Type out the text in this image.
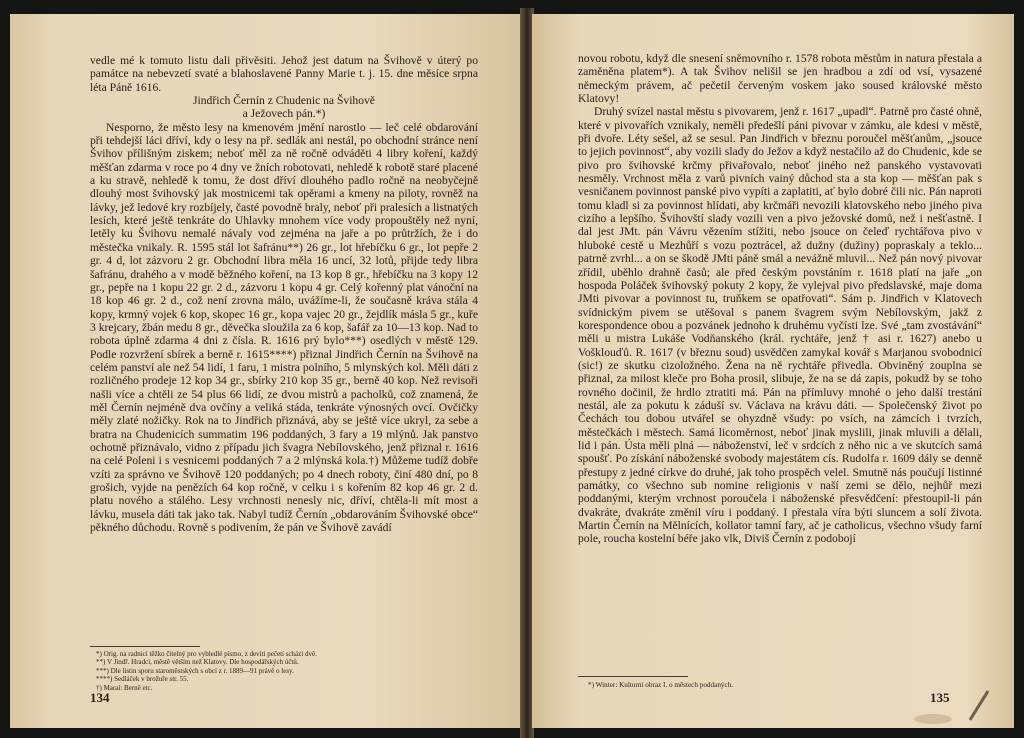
vedle mé k tomuto listu dali přivěsiti. Jehož jest datum na Švihově v úterý po památce na nebevzetí svaté a blahoslavené Panny Marie t. j. 15. dne měsíce srpna léta Páně 1616.

Jindřich Černín z Chudenic na Švihově
a Ježovech pán.*)

Nesporno, že město lesy na kmenovém jmění narostlo — leč celé obdarování při tehdejší láci dříví, kdy o lesy na př. sedlák ani nestál, po obchodní stránce není Švihov přílišným ziskem; neboť měl za ně ročně odváděti 4 libry koření, každý měšťan zdarma v roce po 4 dny ve žních robotovati, nehledě k robotě staré placené a ku stravě, nehledě k tomu, že dost dříví dlouhého padlo ročně na neobyčejně dlouhý most švihovský jak mostnicemi tak opěrami a kmeny na piloty, rovněž na lávky, jež ledové kry rozbíjely, časté povodně braly, neboť při pralesích a listnatých lesích, které ještě tenkráte do Uhlavky mnohem více vody propouštěly než nyní, letěly ku Švihovu nemalé návaly vod zejména na jaře a po průtržích, že i do městečka vnikaly. R. 1595 stál lot šafránu**) 26 gr., lot hřebíčku 6 gr., lot pepře 2 gr. 4 d, lot zázvoru 2 gr. Obchodní libra měla 16 uncí, 32 lotů, přijde tedy libra šafránu, drahého a v modě běžného koření, na 13 kop 8 gr., hřebíčku na 3 kopy 12 gr., pepře na 1 kopu 22 gr. 2 d., zázvoru 1 kopu 4 gr. Celý kořenný plat vánoční na 18 kop 46 gr. 2 d., což není zrovna málo, uvážíme-li, že současně kráva stála 4 kopy, krmný vojek 6 kop, skopec 16 gr., kopa vajec 20 gr., žejdlík másla 5 gr., kuře 3 krejcary, žbán medu 8 gr., děvečka sloužila za 6 kop, šafář za 10—13 kop. Nad to robota úplně zdarma 4 dni z čísla. R. 1616 prý bylo***) osedlých v městě 129. Podle rozvržení sbírek a berně r. 1615****) přiznal Jindřich Černín na Švihově na celém panství ale než 54 lidí, 1 faru, 1 mistra polního, 5 mlynských kol. Měli dáti z rozličného prodeje 12 kop 34 gr., sbírky 210 kop 35 gr., berně 40 kop. Než revisoři našli více a chtěli ze 54 plus 66 lidí, ze dvou mistrů a pacholků, což znamená, že měl Černín nejméně dva ovčíny a veliká stáda, tenkráte výnosných ovcí. Ovčičky měly zlaté nožičky. Rok na to Jindřich přiznává, aby se ještě více ukryl, za sebe a bratra na Chudenicích summatim 196 poddaných, 3 fary a 19 mlýnů. Jak panstvo ochotně přiznávalo, vidno z případu jich švagra Nebílovského, jenž přiznal r. 1616 na celé Poleni i s vesnicemi poddaných 7 a 2 mlýnská kola.†) Můžeme tudíž dobře vzíti za správno ve Švihově 120 poddaných; po 4 dnech roboty, činí 480 dní, po 8 grošich, vyjde na penězích 64 kop ročně, v celku i s kořením 82 kop 46 gr. 2 d. platu nového a stálého. Lesy vrchnosti nenesly nic, dříví, chtěla-li mít most a lávku, musela dáti tak jako tak. Nabyl tudíž Černín „obdarováním Švihovské obce“ pěkného důchodu. Rovně s podivením, že pán ve Švihově zavádí

*) Orig. na radnici těžko čitelný pro vybledlé písmo, z devíti pečetí schází dvě.
**) V Jindř. Hradci, městě větším než Klatovy. Dle hospodářských účtů.
***) Dle listin sporu staroměstských s obcí z r. 1889—91 právě o lesy.
****) Sedláček v brožuře str. 55.
†) Maraí: Berně etc.
134

novou robotu, když dle snesení sněmovního r. 1578 robota městům in natura přestala a zaměněna platem*). A tak Švihov nelišil se jen hradbou a zdí od vsí, vysazené německým právem, ač pečetil červeným voskem jako soused královské město Klatovy!

Druhý svízel nastal městu s pivovarem, jenž r. 1617 „upadl“. Patrně pro časté ohně, které v pivovařích vznikaly, neměli předešlí páni pivovar v zámku, ale kdesi v městě, při dvoře. Léty sešel, až se sesul. Pan Jindřich v březnu poroučel měšťanům, „jsouce to jejich povinnost“, aby vozili slady do Ježov a když nestačilo až do Chudenic, kde se pivo pro švihovské krčmy přivařovalo, neboť jiného než panského vystavovati nesměly. Vrchnost měla z varů pivních vainý důchod sta a sta kop — měšťan pak s vesničanem povinnost panské pivo vypíti a zaplatiti, ať bylo dobré čili nic. Pán naproti tomu kladl si za povinnost hlídati, aby krčmáři nevozili klatovského nebo jiného piva cizího a lepšího. Švihovští slady vozili ven a pivo ježovské domů, než i nešťastně. I dal jest JMt. pán Vávru vězením stížiti, nebo jsouce on čeleď rychtářova pivo v hluboké cestě u Mezhůří s vozu poztrácel, až dužny (dužiny) popraskaly a teklo... patrně zvrhl... a on se škodě JMti páně smál a nevážně mluvil... Než pán nový pivovar zřídil, uběhlo drahně časů; ale před českým povstáním r. 1618 platí na jaře „on hospoda Poláček švihovský pokuty 2 kopy, že vylejval pivo předslavské, maje doma JMti pivovar a povinnost tu, truňkem se opatřovati“. Sám p. Jindřich v Klatovech svídnickým pivem se utěšoval s panem švagrem svým Nebílovským, jakž z korespondence obou a pozvánek jednoho k druhému vyčísti lze. Své „tam zvostávání“ měli u mistra Lukáše Vodňanského (král. rychtáře, jenž † asi r. 1627) anebo u Vošklouďů. R. 1617 (v březnu soud) usvědčen zamykal kovář s Marjanou svobodnicí (sic!) ze skutku cizoložného. Žena na ně rychtáře přivedla. Obviněný zouplna se přiznal, za milost kleče pro Boha prosil, slibuje, že na se dá zapis, pokudž by se toho rovného dočinil, že hrdlo ztratiti má. Pán na přímluvy mnohé o jeho další trestání nestál, ale za pokutu k záduší sv. Václava na krávu dáti. — Společenský život po Čechách tou dobou utvářel se ohyzdně všudy: po vsích, na zámcích i tvrzích, městečkách i městech. Samá licoměrnost, neboť jinak myslili, jinak mluvili a dělali, lid i pán. Ústa měli plná — náboženství, leč v srdcích z něho nic a ve skutcích samá spoušť. Po získání náboženské svobody majestátem cís. Rudolfa r. 1609 dály se denně přestupy z jedné církve do druhé, jak toho prospěch velel. Smutně nás poučují listinné památky, co všechno sub nomine religionis v naší zemi se dělo, nejhůř mezi poddanými, kterým vrchnost poroučela i náboženské přesvědčení: přestoupil-li pán dvakráte, dvakráte změnil víru i poddaný. I přestala víra býti sluncem a solí života. Martin Černín na Mělnících, kollator tamní fary, ač je catholicus, všechno všudy farní pole, roucha kostelní béře jako vlk, Diviš Černín z podobojí

*) Winter: Kulturní obraz I. o městech poddaných.
135
